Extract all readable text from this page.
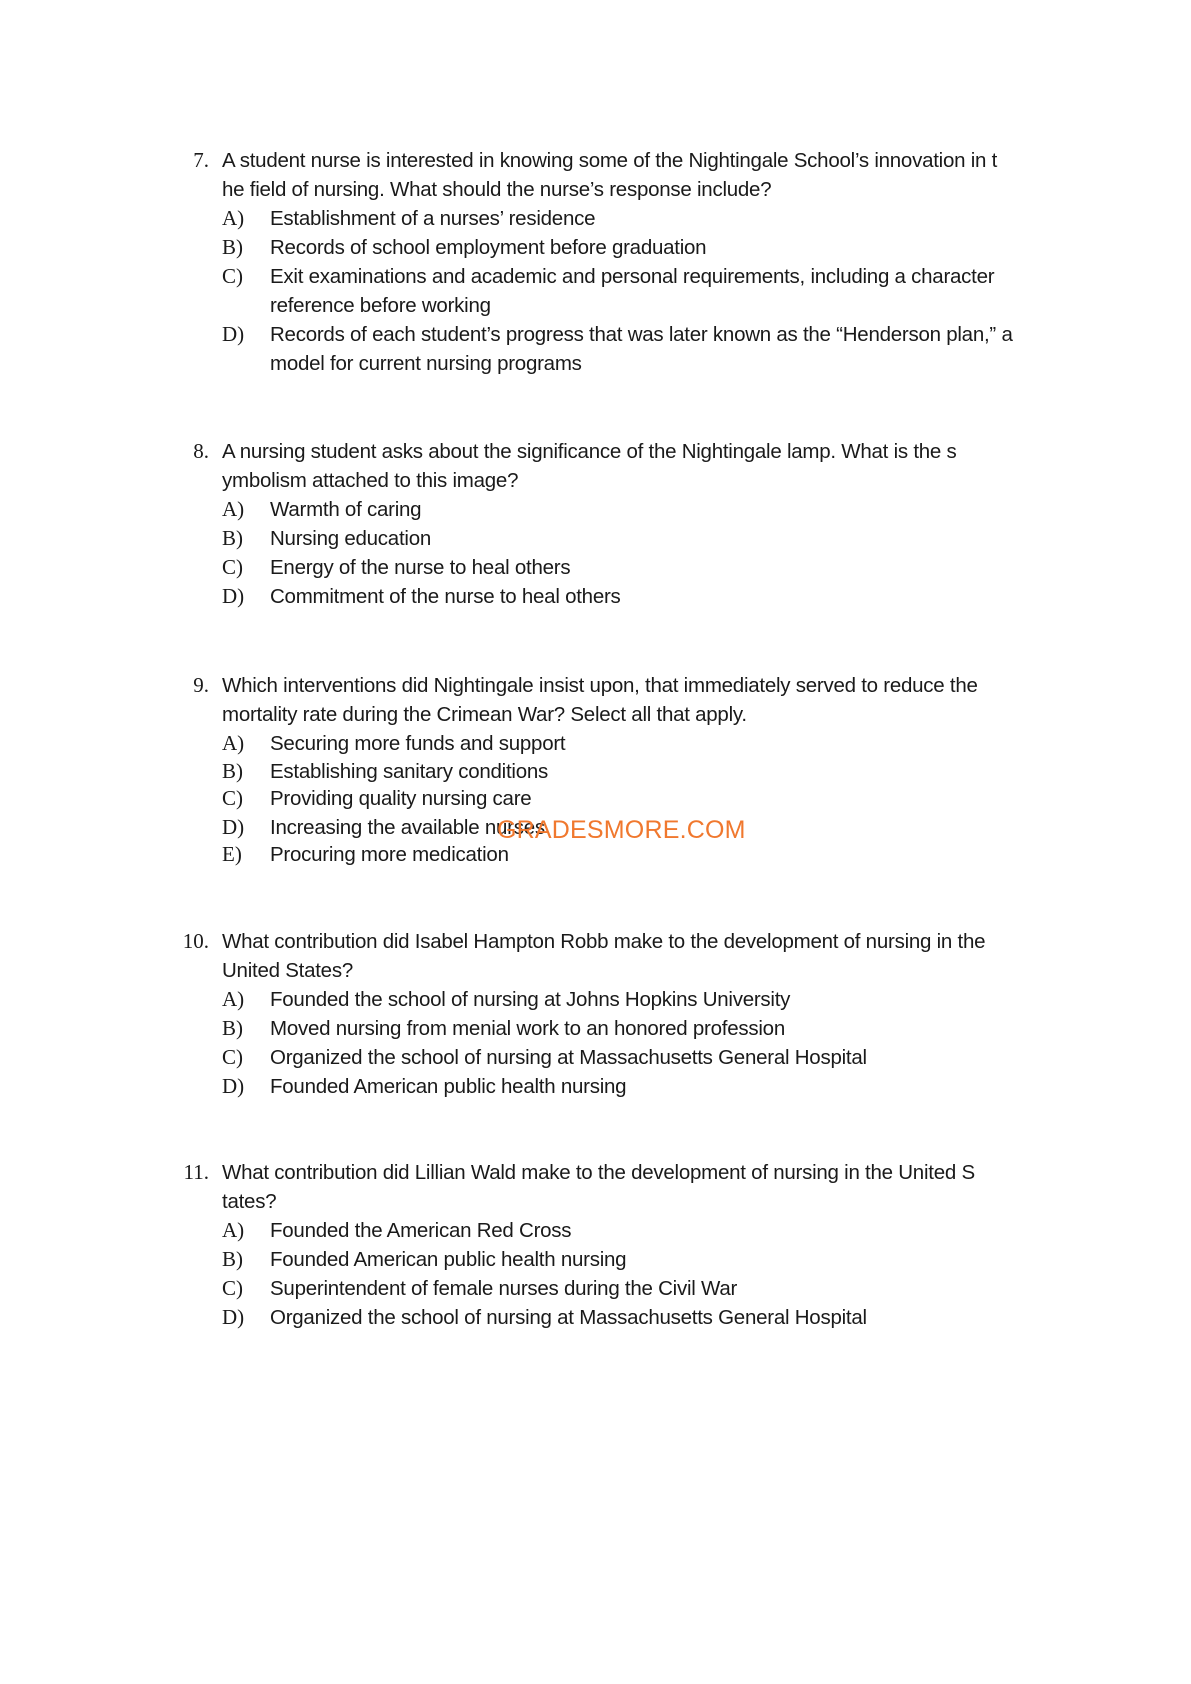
7. A student nurse is interested in knowing some of the Nightingale School’s innovation in t
he field of nursing. What should the nurse’s response include?
A) Establishment of a nurses’ residence
B) Records of school employment before graduation
C) Exit examinations and academic and personal requirements, including a character reference before working
D) Records of each student’s progress that was later known as the “Henderson plan,” a model for current nursing programs
8. A nursing student asks about the significance of the Nightingale lamp. What is the s
ymbolism attached to this image?
A) Warmth of caring
B) Nursing education
C) Energy of the nurse to heal others
D) Commitment of the nurse to heal others
9. Which interventions did Nightingale insist upon, that immediately served to reduce the
mortality rate during the Crimean War? Select all that apply.
A) Securing more funds and support
B) Establishing sanitary conditions
C) Providing quality nursing care
D) Increasing the available nurses
E) Procuring more medication
10. What contribution did Isabel Hampton Robb make to the development of nursing in the
United States?
A) Founded the school of nursing at Johns Hopkins University
B) Moved nursing from menial work to an honored profession
C) Organized the school of nursing at Massachusetts General Hospital
D) Founded American public health nursing
11. What contribution did Lillian Wald make to the development of nursing in the United S
tates?
A) Founded the American Red Cross
B) Founded American public health nursing
C) Superintendent of female nurses during the Civil War
D) Organized the school of nursing at Massachusetts General Hospital
GRADESMORE.COM
